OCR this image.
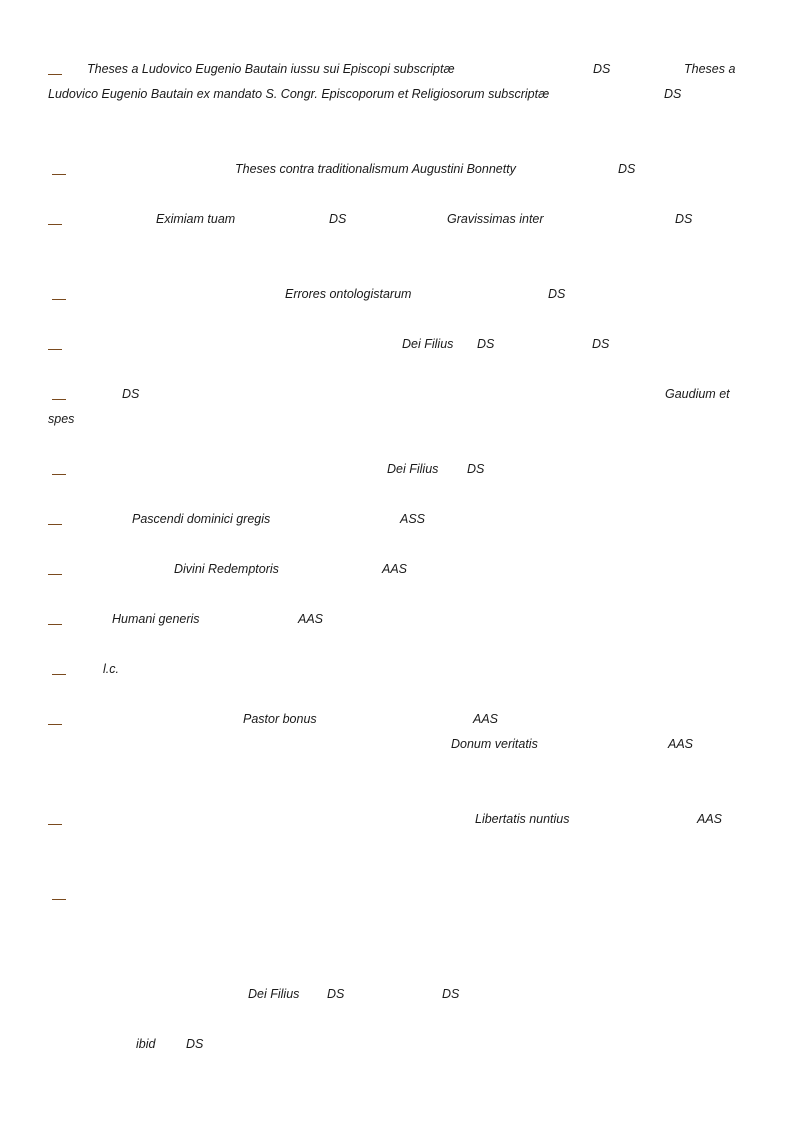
Theses a Ludovico Eugenio Bautain iussu sui Episcopi subscriptæ	DS	Theses a
Ludovico Eugenio Bautain ex mandato S. Congr. Episcoporum et Religiosorum subscriptæ	DS
Theses contra traditionalismum Augustini Bonnetty	DS
Eximiam tuam	DS	Gravissimas inter	DS
Errores ontologistarum	DS
Dei Filius DS	DS
DS	Gaudium et
spes
Dei Filius DS
Pascendi dominici gregis	ASS
Divini Redemptoris	AAS
Humani generis	AAS
l.c.
Pastor bonus	AAS
Donum veritatis	AAS
Libertatis nuntius	AAS
Dei Filius DS	DS
ibid DS
